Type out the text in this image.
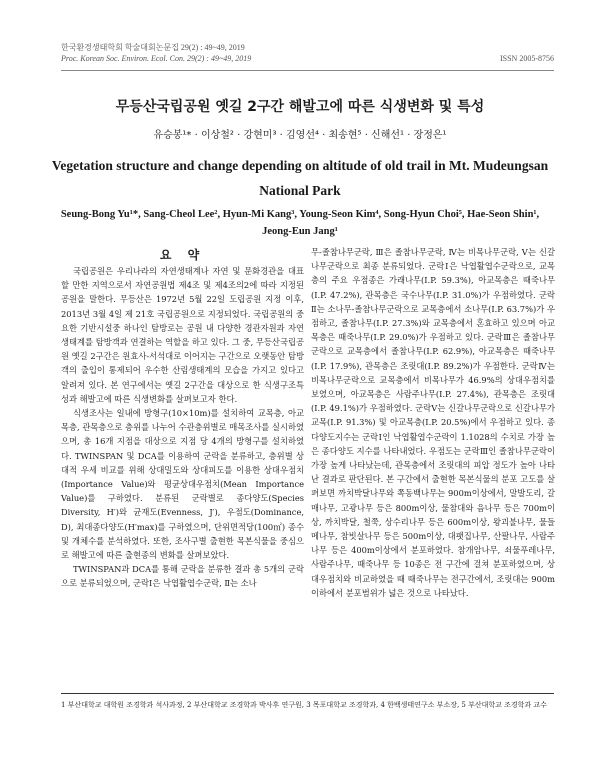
한국환경생태학회 학술대회논문집 29(2) : 49~49, 2019
Proc. Korean Soc. Environ. Ecol. Con. 29(2) : 49~49, 2019	ISSN 2005-8756
무등산국립공원 옛길 2구간 해발고에 따른 식생변화 및 특성
유승봉¹* · 이상철² · 강현미³ · 김영선⁴ · 최송현⁵ · 신해선¹ · 장정은¹
Vegetation structure and change depending on altitude of old trail in Mt. Mudeungsan National Park
Seung-Bong Yu¹*, Sang-Cheol Lee², Hyun-Mi Kang³, Young-Seon Kim⁴, Song-Hyun Choi⁵, Hae-Seon Shin¹, Jeong-Eun Jang¹
요 약

국립공원은 우리나라의 자연생태계나 자연 및 문화경관을 대표할 만한 지역으로서 자연공원법 제4조 및 제4조의2에 따라 지정된 공원을 말한다. 무등산은 1972년 5월 22일 도립공원 지정 이후, 2013년 3월 4일 제 21호 국립공원으로 지정되었다. 국립공원의 중요한 기반시설중 하나인 탐방로는 공원 내 다양한 경관자원과 자연생태계를 탐방객과 연결하는 역할을 하고 있다. 그 중, 무등산국립공원 옛길 2구간은 원효사-서석대로 이어지는 구간으로 오랫동안 탐방객의 출입이 통제되어 우수한 산림생태계의 모습을 가지고 있다고 알려져 있다. 본 연구에서는 옛길 2구간을 대상으로 한 식생구조특성과 해발고에 따른 식생변화를 살펴보고자 한다.

식생조사는 일내에 방형구(10×10m)를 설치하여 교목층, 아교목층, 관목층으로 층위를 나누어 수관층위별로 매목조사를 실시하였으며, 총 16개 지점을 대상으로 지점 당 4개의 방형구를 설치하였다. TWINSPAN 및 DCA를 이용하여 군락을 분류하고, 층위별 상대적 우세 비교를 위해 상대밀도와 상대피도를 이용한 상대우점치(Importance Value)와 평균상대우점치(Mean Importance Value)를 구하였다. 분류된 군락별로 종다양도(Species Diversity, H′)와 균재도(Evenness, J′), 우점도(Dominance, D), 최대종다양도(H′max)를 구하였으며, 단위면적당(100㎡) 종수 및 개체수를 분석하였다. 또한, 조사구별 출현한 목본식물을 중심으로 해발고에 따른 출현종의 변화를 살펴보았다.

TWINSPAN과 DCA를 통해 군락을 분류한 결과 총 5개의 군락으로 분류되었으며, 군락Ⅰ은 낙엽활엽수군락, Ⅱ는 소나

무-졸참나무군락, Ⅲ은 졸참나무군락, Ⅳ는 비목나무군락, Ⅴ는 신갈나무군락으로 최종 분류되었다. 군락Ⅰ은 낙엽활엽수군락으로, 교목층의 주요 우점종은 가래나무(I.P. 59.3%), 아교목층은 때죽나무(I.P. 47.2%), 관목층은 국수나무(I.P. 31.0%)가 우점하였다. 군락Ⅱ는 소나무-졸참나무군락으로 교목층에서 소나무(I.P. 63.7%)가 우점하고, 졸참나무(I.P. 27.3%)와 교목층에서 혼효하고 있으며 아교목층은 때죽나무(I.P. 29.0%)가 우점하고 있다. 군락Ⅲ은 졸참나무 군락으로 교목층에서 졸참나무(I.P. 62.9%), 아교목층은 때죽나무(I.P. 17.9%), 관목층은 조릿대(I.P. 89.2%)가 우점한다. 군락Ⅳ는 비목나무군락으로 교목층에서 비목나무가 46.9%의 상대우점치를 보였으며, 아교목층은 사람주나무(I.P. 27.4%), 관목층은 조릿대(I.P. 49.1%)가 우점하였다. 군락Ⅴ는 신갈나무군락으로 신갈나무가 교목(I.P. 91.3%) 및 아교목층(I.P. 20.5%)에서 우점하고 있다. 종 다양도지수는 군락Ⅰ인 낙엽활엽수군락이 1.1028의 수치로 가장 높은 종다양도 지수를 나타내었다. 우점도는 군락Ⅲ인 졸참나무군락이 가장 높게 나타났는데, 관목층에서 조릿대의 피압 정도가 높아 나타난 결과로 판단된다. 본 구간에서 출현한 목본식물의 분포 고도를 살펴보면 까치박달나무와 쪽동백나무는 900m이상에서, 말발도리, 갈매나무, 고광나무 등은 800m이상, 물참대와 음나무 등은 700m이상, 까치박달, 철쭉, 상수리나무 등은 600m이상, 왕괴불나무, 물들메나무, 참빗살나무 등은 500m이상, 대팻집나무, 산팔나무, 사람주나무 등은 400m이상에서 분포하였다. 참개암나무, 쇠물푸레나무, 사람주나무, 때죽나무 등 10종은 전 구간에 걸쳐 분포하였으며, 상대우점치와 비교하였을 때 때죽나무는 전구간에서, 조릿대는 900m이하에서 분포범위가 넓은 것으로 나타났다.

1 부산대학교 대학원 조경학과 석사과정, 2 부산대학교 조경학과 박사후 연구원, 3 목포대학교 조경학과, 4 한백생태연구소 부소장, 5 부산대학교 조경학과 교수
